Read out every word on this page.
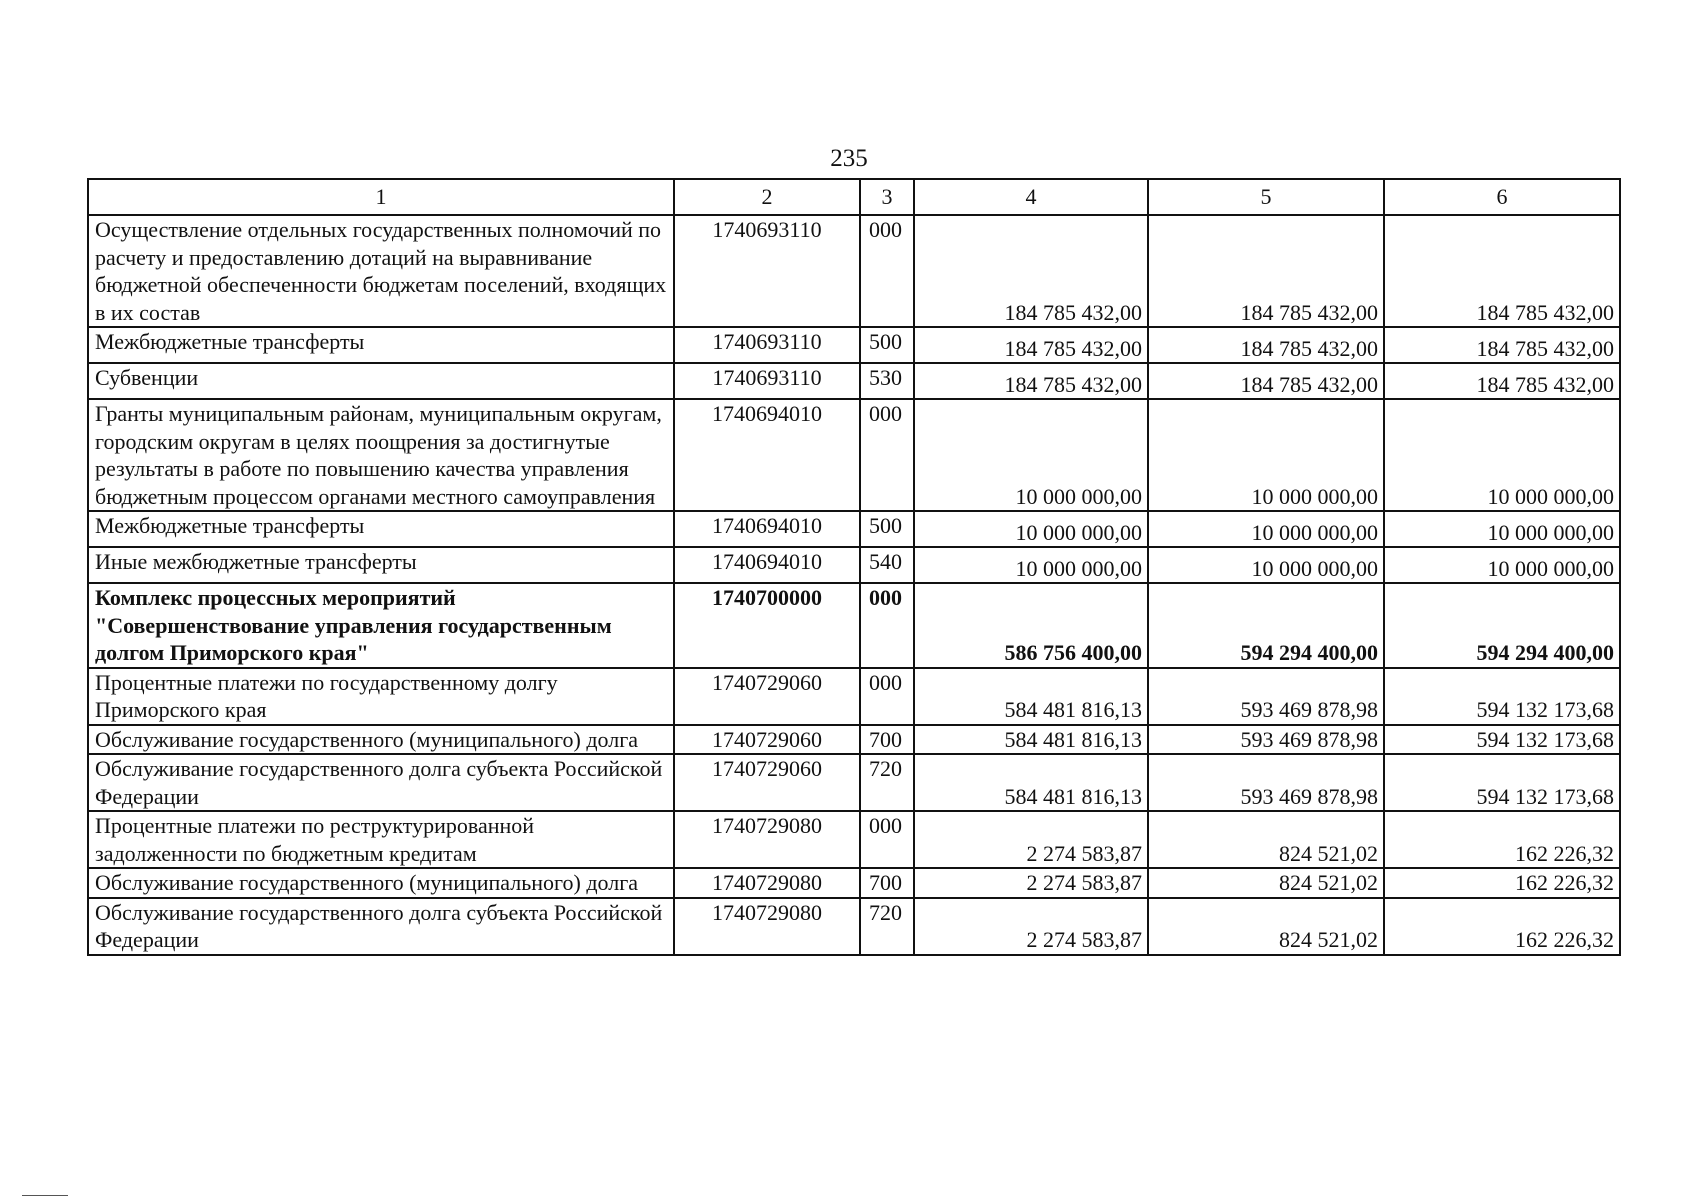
235
1	2	3	4	5	6
Осуществление отдельных государственных полномочий по расчету и предоставлению дотаций на выравнивание бюджетной обеспеченности бюджетам поселений, входящих в их состав	1740693110	000	184 785 432,00	184 785 432,00	184 785 432,00
Межбюджетные трансферты	1740693110	500	184 785 432,00	184 785 432,00	184 785 432,00
Субвенции	1740693110	530	184 785 432,00	184 785 432,00	184 785 432,00
Гранты муниципальным районам, муниципальным округам, городским округам в целях поощрения за достигнутые результаты в работе по повышению качества управления бюджетным процессом органами местного самоуправления	1740694010	000	10 000 000,00	10 000 000,00	10 000 000,00
Межбюджетные трансферты	1740694010	500	10 000 000,00	10 000 000,00	10 000 000,00
Иные межбюджетные трансферты	1740694010	540	10 000 000,00	10 000 000,00	10 000 000,00
Комплекс процессных мероприятий "Совершенствование управления государственным долгом Приморского края"	1740700000	000	586 756 400,00	594 294 400,00	594 294 400,00
Процентные платежи по государственному долгу Приморского края	1740729060	000	584 481 816,13	593 469 878,98	594 132 173,68
Обслуживание государственного (муниципального) долга	1740729060	700	584 481 816,13	593 469 878,98	594 132 173,68
Обслуживание государственного долга субъекта Российской Федерации	1740729060	720	584 481 816,13	593 469 878,98	594 132 173,68
Процентные платежи по реструктурированной задолженности по бюджетным кредитам	1740729080	000	2 274 583,87	824 521,02	162 226,32
Обслуживание государственного (муниципального) долга	1740729080	700	2 274 583,87	824 521,02	162 226,32
Обслуживание государственного долга субъекта Российской Федерации	1740729080	720	2 274 583,87	824 521,02	162 226,32
